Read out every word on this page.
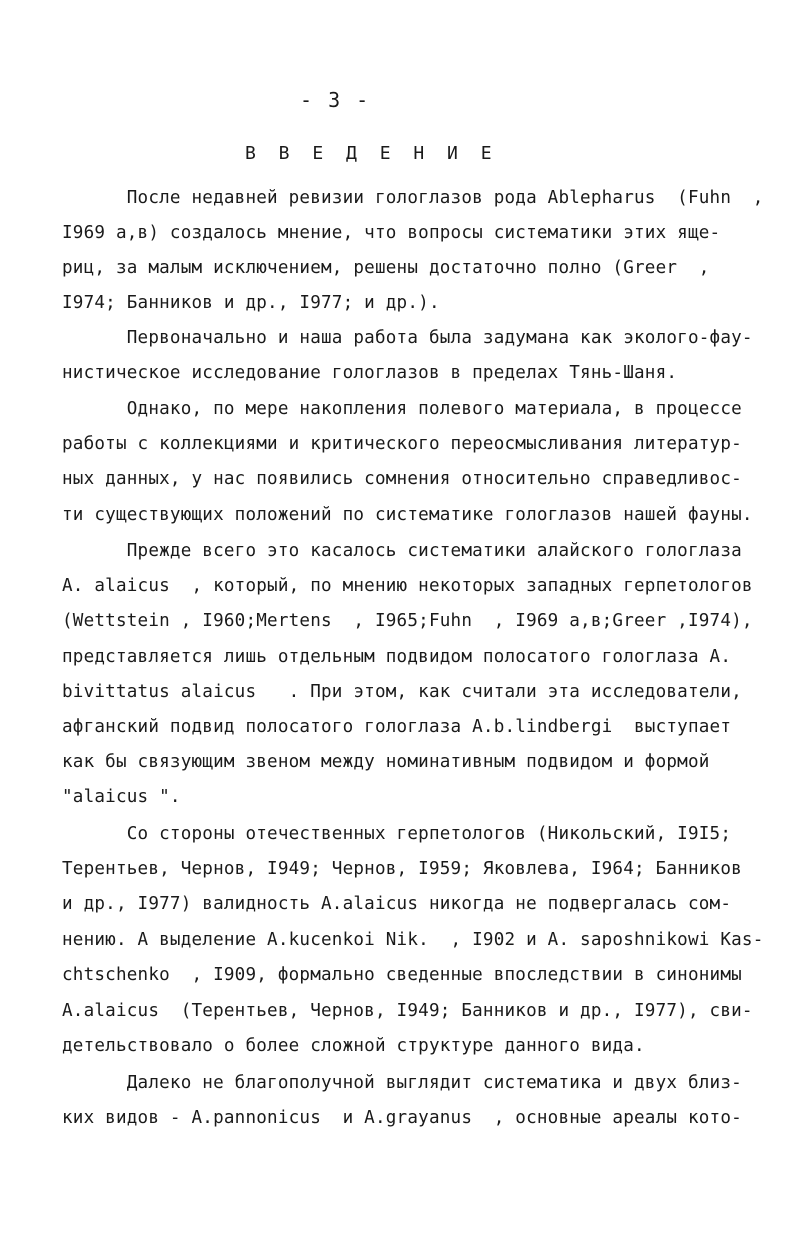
- 3 -
В В Е Д Е Н И Е
После недавней ревизии гологлазов рода Ablepharus  (Fuhn  ,
I969 а,в) создалось мнение, что вопросы систематики этих яще-
риц, за малым исключением, решены достаточно полно (Greer  ,
I974; Банников и др., I977; и др.).
Первоначально и наша работа была задумана как эколого-фау-
нистическое исследование гологлазов в пределах Тянь-Шаня.
Однако, по мере накопления полевого материала, в процессе
работы с коллекциями и критического переосмысливания литератур-
ных данных, у нас появились сомнения относительно справедливос-
ти существующих положений по систематике гологлазов нашей фауны.
Прежде всего это касалось систематики алайского гологлаза
A. alaicus  , который, по мнению некоторых западных герпетологов
(Wettstein , I960;Mertens  , I965;Fuhn  , I969 а,в;Greer ,I974),
представляется лишь отдельным подвидом полосатого гологлаза A.
bivittatus alaicus   . При этом, как считали эта исследователи,
афганский подвид полосатого гологлаза A.b.lindbergi  выступает
как бы связующим звеном между номинативным подвидом и формой
"alaicus ".
Со стороны отечественных герпетологов (Никольский, I9I5;
Терентьев, Чернов, I949; Чернов, I959; Яковлева, I964; Банников
и др., I977) валидность A.alaicus никогда не подвергалась сом-
нению. А выделение A.kucenkoi Nik.  , I902 и A. saposhnikowi Kas-
chtschenko  , I909, формально сведенные впоследствии в синонимы
A.alaicus  (Терентьев, Чернов, I949; Банников и др., I977), сви-
детельствовало о более сложной структуре данного вида.
Далеко не благополучной выглядит систематика и двух близ-
ких видов - A.pannonicus  и A.grayanus  , основные ареалы кото-
